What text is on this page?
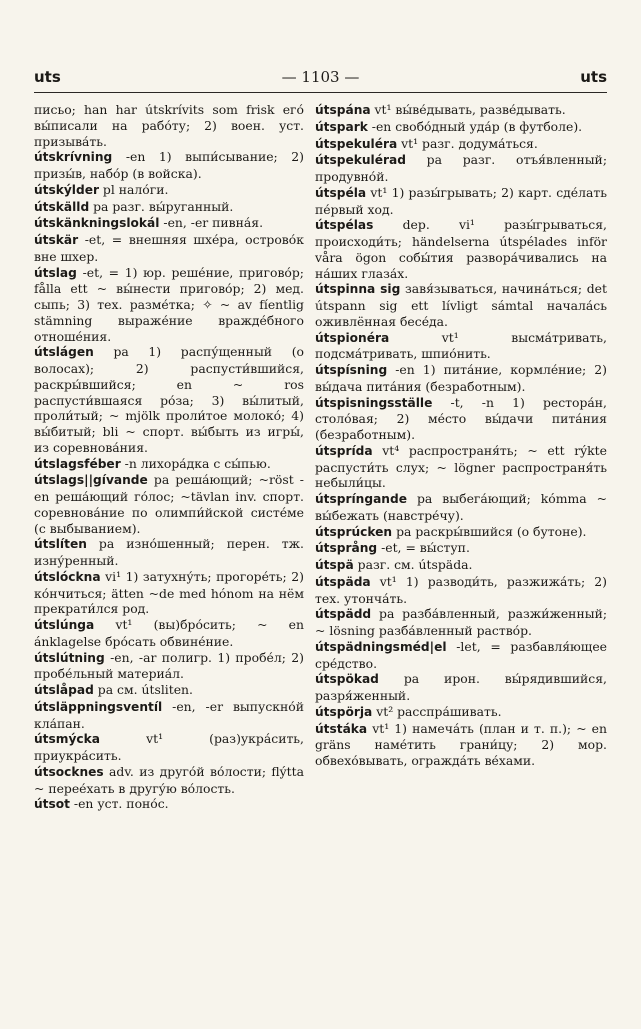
uts	— 1103 —	uts

письо; han har útskrívits som frisk его́ вы́писали на рабо́ту; 2) воен. уст. призыва́ть.

útskrívning -en 1) выпи́сывание; 2) призы́в, набо́р (в войска).

útskýlder pl нало́ги.

útskälld pa разг. вы́руганный.

útskänkningslokál -en, -er пивна́я.

útskär -et, = внешняя шхе́ра, острово́к вне шхер.

útslag -et, = 1) юр. реше́ние, пригово́р; fålla ett ~ вы́нести пригово́р; 2) мед. сыпь; 3) тех. разме́тка; ✧ ~ av fíentlig stämning выраже́ние вражде́бного отноше́ния.

útslágen pa 1) распу́щенный (о волосах); 2) распусти́вшийся, раскры́вшийся; en ~ ros распусти́вшаяся ро́за; 3) вы́литый, проли́тый; ~ mjölk проли́тое молоко́; 4) вы́битый; bli ~ спорт. вы́быть из игры́, из соревнова́ния.

útslagsféber -n лихора́дка с сы́пью.

útslags||gívande pa реша́ющий; ~röst -en реша́ющий го́лос; ~tävlan inv. спорт. соревнова́ние по олимпи́йской систе́ме (с выбыванием).

útslíten pa изно́шенный; перен. тж. изну́ренный.

útslóckna vi¹ 1) затухну́ть; прогоре́ть; 2) ко́нчиться; ätten ~de med hónom на нём прекрати́лся род.

útslúnga vt¹ (вы)бро́сить; ~ en ánklagelse бро́сать обвине́ние.

útslútning -en, -ar полигр. 1) пробе́л; 2) пробе́льный материа́л.

útslåpad pa см. útsliten.

útsläppningsventíl -en, -er выпускно́й кла́пан.

útsmýcka vt¹ (раз)укра́сить, приукра́сить.

útsocknes adv. из друго́й во́лости; flýtta ~ перее́хать в другу́ю во́лость.

útsot -en уст. поно́с.

útspána vt¹ вы́ве́дывать, разве́дывать.

útspark -en свобо́дный уда́р (в футболе).

útspekuléra vt¹ разг. додума́ться.

útspekulérad pa разг. отъя́вленный; продувно́й.

útspéla vt¹ 1) разы́грывать; 2) карт. сде́лать пе́рвый ход.

útspélas dep. vi¹ разы́грываться, происходи́ть; händelserna útspélades inför våra ögon собы́тия развора́чивались на на́ших глаза́х.

útspinna sig завя́зываться, начина́ться; det útspann sig ett lívligt sámtal начала́сь оживлённая бесе́да.

útspionéra vt¹ высма́тривать, подсма́тривать, шпио́нить.

útspísning -en 1) пита́ние, кормле́ние; 2) вы́дача пита́ния (безработным).

útspisningsställe -t, -n 1) рестора́н, столо́вая; 2) ме́сто вы́дачи пита́ния (безработным).

útsprída vt⁴ распространя́ть; ~ ett rýkte распусти́ть слух; ~ lögner распространя́ть небыли́цы.

útspríngande pa выбега́ющий; kómma ~ вы́бежать (навстре́чу).

útsprúcken pa раскры́вшийся (о бутоне).

útsprång -et, = вы́ступ.

útspä разг. см. útspäda.

útspäda vt¹ 1) разводи́ть, разжижа́ть; 2) тех. утонча́ть.

útspädd pa разба́вленный, разжи́женный; ~ lösning разба́вленный раство́р.

útspädningsméd|el -let, = разбавля́ющее сре́дство.

útspökad pa ирон. вы́рядившийся, разря́женный.

útspörja vt² расспра́шивать.

útstáka vt¹ 1) намеча́ть (план и т. п.); ~ en gräns наме́тить грани́цу; 2) мор. обвехо́вывать, огражда́ть ве́хами.
